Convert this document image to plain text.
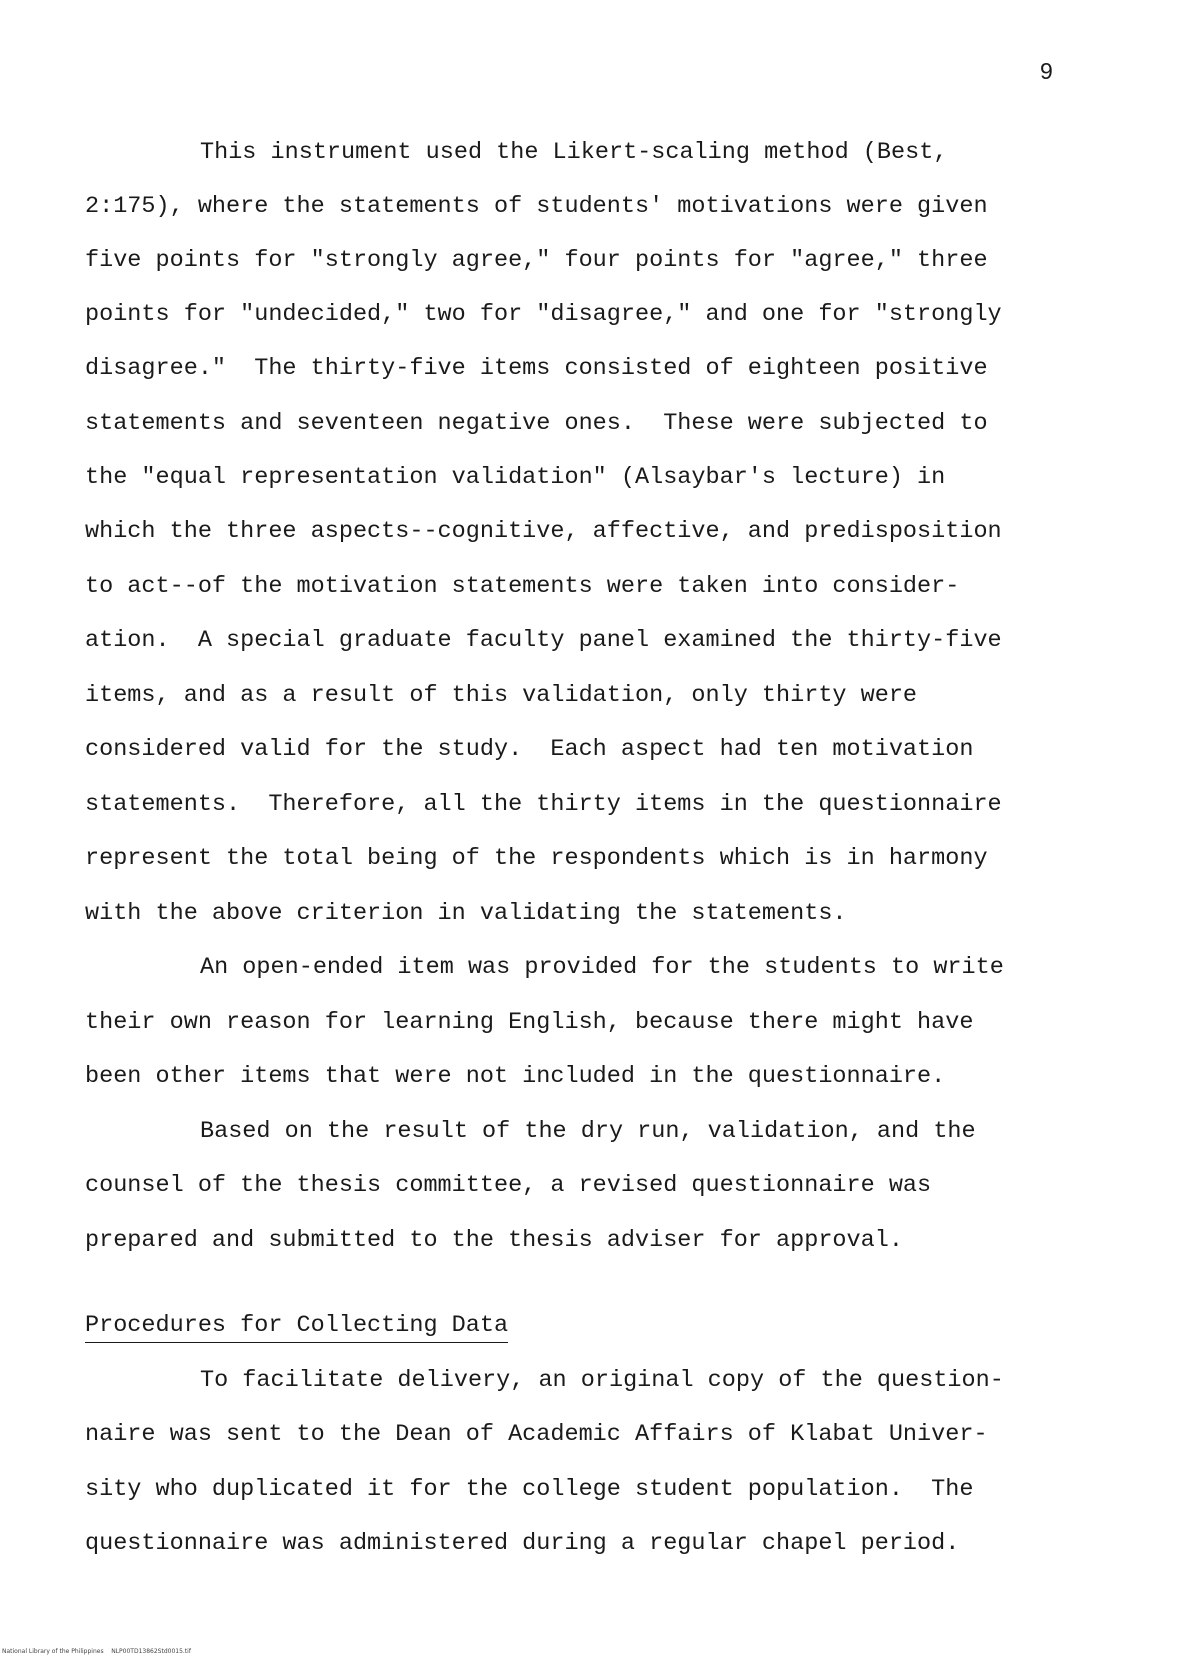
9
This instrument used the Likert-scaling method (Best,
2:175), where the statements of students' motivations were given
five points for "strongly agree," four points for "agree," three
points for "undecided," two for "disagree," and one for "strongly
disagree."  The thirty-five items consisted of eighteen positive
statements and seventeen negative ones.  These were subjected to
the "equal representation validation" (Alsaybar's lecture) in
which the three aspects--cognitive, affective, and predisposition
to act--of the motivation statements were taken into consider-
ation.  A special graduate faculty panel examined the thirty-five
items, and as a result of this validation, only thirty were
considered valid for the study.  Each aspect had ten motivation
statements.  Therefore, all the thirty items in the questionnaire
represent the total being of the respondents which is in harmony
with the above criterion in validating the statements.
An open-ended item was provided for the students to write
their own reason for learning English, because there might have
been other items that were not included in the questionnaire.
Based on the result of the dry run, validation, and the
counsel of the thesis committee, a revised questionnaire was
prepared and submitted to the thesis adviser for approval.
Procedures for Collecting Data
To facilitate delivery, an original copy of the question-
naire was sent to the Dean of Academic Affairs of Klabat Univer-
sity who duplicated it for the college student population.  The
questionnaire was administered during a regular chapel period.
National Library of the Philippines    NLP00TD13862Std0015.tif
